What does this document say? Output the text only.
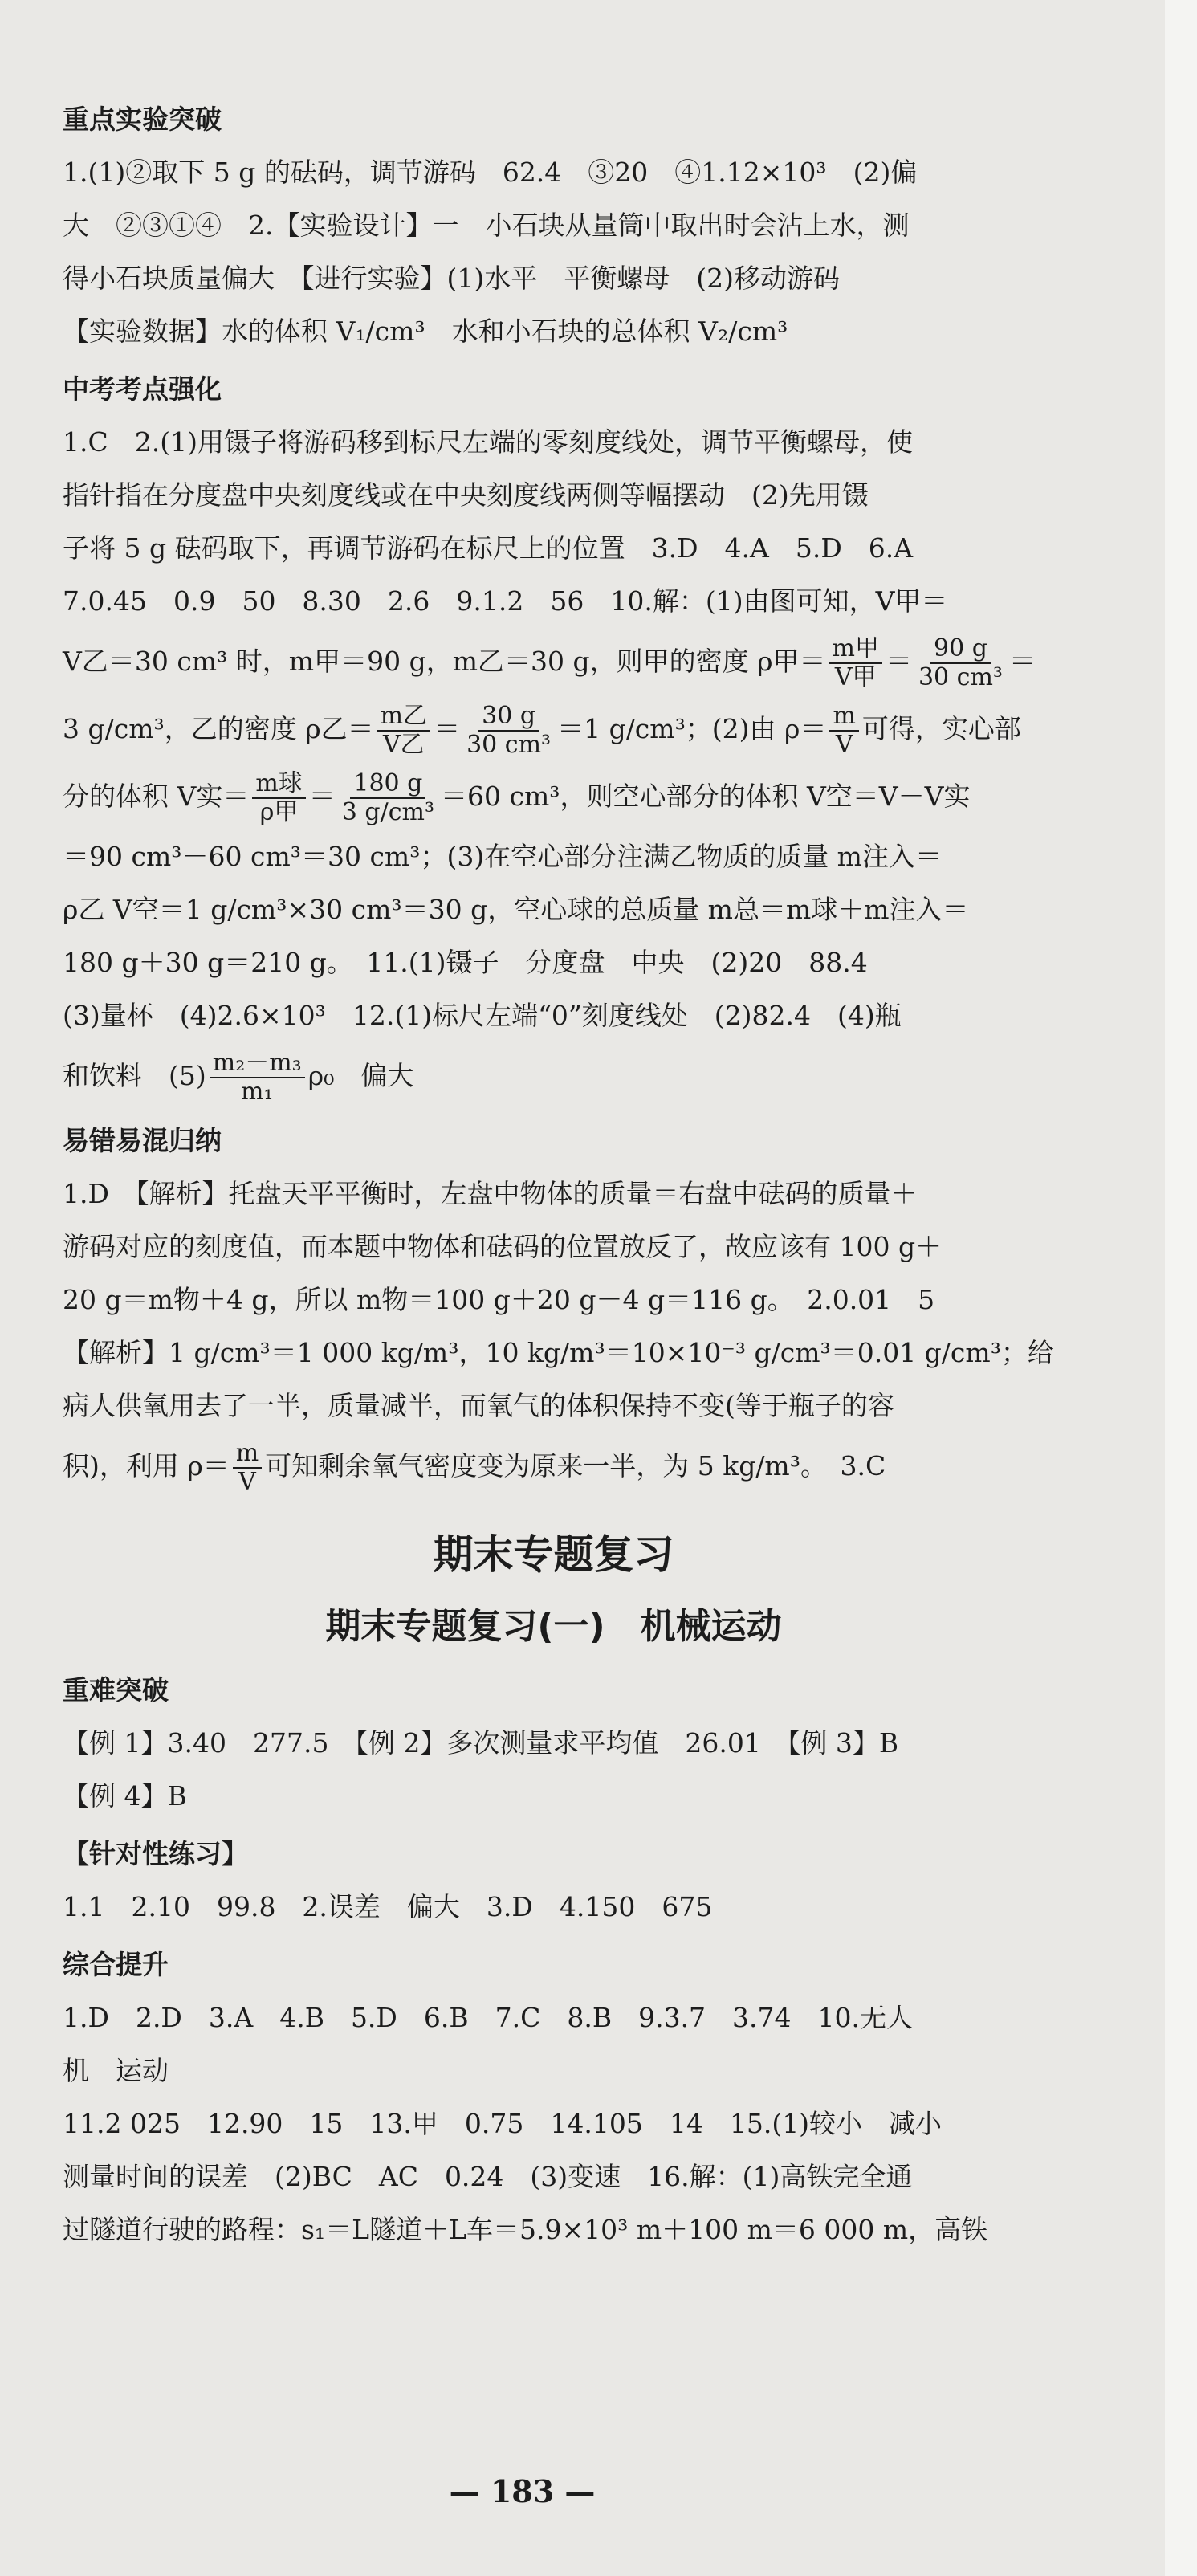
重点实验突破
1.(1)②取下 5 g 的砝码，调节游码　62.4　③20　④1.12×10³　(2)偏
大　②③①④　2.【实验设计】一　小石块从量筒中取出时会沾上水，测
得小石块质量偏大　【进行实验】(1)水平　平衡螺母　(2)移动游码
【实验数据】水的体积 V₁/cm³　水和小石块的总体积 V₂/cm³
中考考点强化
1.C　2.(1)用镊子将游码移到标尺左端的零刻度线处，调节平衡螺母，使
指针指在分度盘中央刻度线或在中央刻度线两侧等幅摆动　(2)先用镊
子将 5 g 砝码取下，再调节游码在标尺上的位置　3.D　4.A　5.D　6.A
7.0.45　0.9　50　8.30　2.6　9.1.2　56　10.解：(1)由图可知，V甲＝
V乙＝30 cm³ 时，m甲＝90 g，m乙＝30 g，则甲的密度 ρ甲＝ $\frac{\text{m甲}}{\text{V甲}} = \frac{90 g}{\text{30 cm³}}$ ＝
3 g/cm³，乙的密度 ρ乙＝ $\frac{\text{m乙}}{\text{V乙}} = \frac{30 g}{\text{30 cm³}} =1$ g/cm³；(2)由 $\rho= \frac{m}{V}$ 可得，实心部
分的体积 V实＝ $\frac{\text{m球}}{\text{ρ甲}} = \frac{180 g}{\text{3 g/cm³}} =60$ cm³，则空心部分的体积 V空＝V－V实
＝90 cm³－60 cm³＝30 cm³；(3)在空心部分注满乙物质的质量 m注入＝
ρ乙 V空＝1 g/cm³×30 cm³＝30 g，空心球的总质量 m总＝m球＋m注入＝
180 g＋30 g＝210 g。　11.(1)镊子　分度盘　中央　(2)20　88.4
(3)量杯　(4)2.6×10³　12.(1)标尺左端“0”刻度线处　(2)82.4　(4)瓶
和饮料　$(5) \frac{\text{m₂－m₃}}{\text{m₁}} \rho_0$　偏大
易错易混归纳
1.D　【解析】托盘天平平衡时，左盘中物体的质量＝右盘中砝码的质量＋
游码对应的刻度值，而本题中物体和砝码的位置放反了，故应该有 100 g＋
20 g＝m物＋4 g，所以 m物＝100 g＋20 g－4 g＝116 g。　2.0.01　5
【解析】1 g/cm³＝1 000 kg/m³，10 kg/m³＝10×10⁻³ g/cm³＝0.01 g/cm³；给
病人供氧用去了一半，质量减半，而氧气的体积保持不变(等于瓶子的容
积)，利用 $\rho= \frac{m}{V}$ 可知剩余氧气密度变为原来一半，为 5 kg/m³。　3.C
期末专题复习
期末专题复习(一)　机械运动
重难突破
【例 1】3.40　277.5　【例 2】多次测量求平均值　26.01　【例 3】B
【例 4】B
【针对性练习】
1.1　2.10　99.8　2.误差　偏大　3.D　4.150　675
综合提升
1.D　2.D　3.A　4.B　5.D　6.B　7.C　8.B　9.3.7　3.74　10.无人
机　运动
11.2 025　12.90　15　13.甲　0.75　14.105　14　15.(1)较小　减小
测量时间的误差　(2)BC　AC　0.24　(3)变速　16.解：(1)高铁完全通
过隧道行驶的路程：s₁＝L隧道＋L车＝5.9×10³ m＋100 m＝6 000 m，高铁
— 183 —
